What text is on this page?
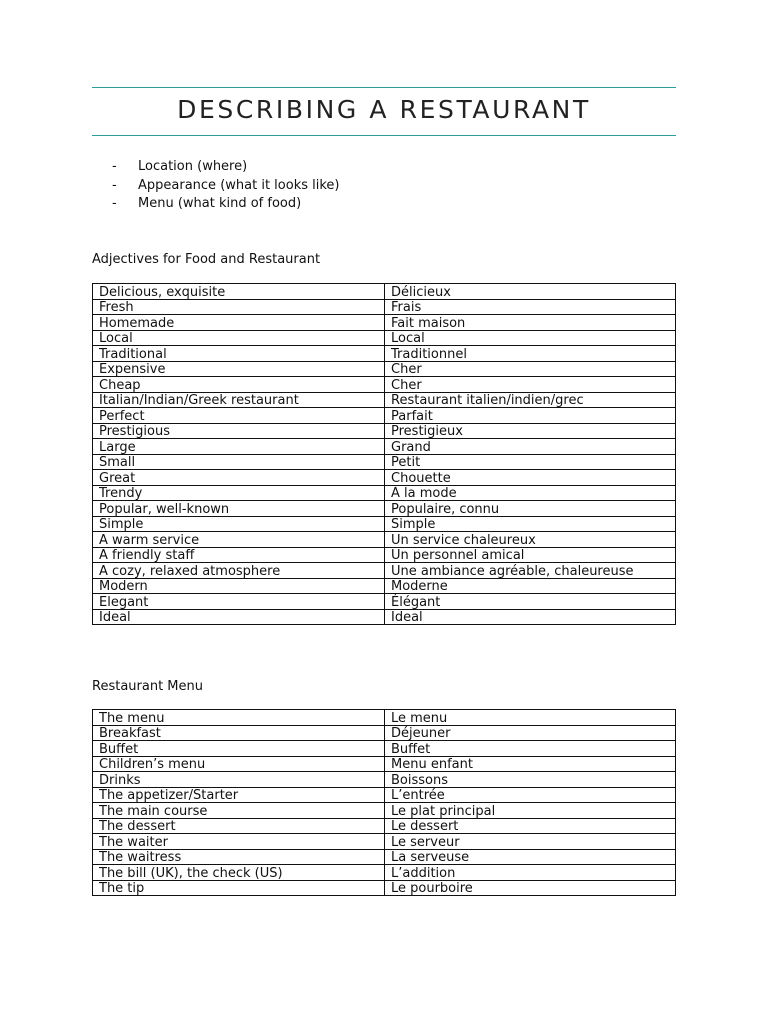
DESCRIBING A RESTAURANT
-	Location (where)
-	Appearance (what it looks like)
-	Menu (what kind of food)
Adjectives for Food and Restaurant
Delicious, exquisite	Délicieux
Fresh	Frais
Homemade	Fait maison
Local	Local
Traditional	Traditionnel
Expensive	Cher
Cheap	Cher
Italian/Indian/Greek restaurant	Restaurant italien/indien/grec
Perfect	Parfait
Prestigious	Prestigieux
Large	Grand
Small	Petit
Great	Chouette
Trendy	À la mode
Popular, well-known	Populaire, connu
Simple	Simple
A warm service	Un service chaleureux
A friendly staff	Un personnel amical
A cozy, relaxed atmosphere	Une ambiance agréable, chaleureuse
Modern	Moderne
Elegant	Élégant
Ideal	Ideal
Restaurant Menu
The menu	Le menu
Breakfast	Déjeuner
Buffet	Buffet
Children’s menu	Menu enfant
Drinks	Boissons
The appetizer/Starter	L’entrée
The main course	Le plat principal
The dessert	Le dessert
The waiter	Le serveur
The waitress	La serveuse
The bill (UK), the check (US)	L’addition
The tip	Le pourboire
